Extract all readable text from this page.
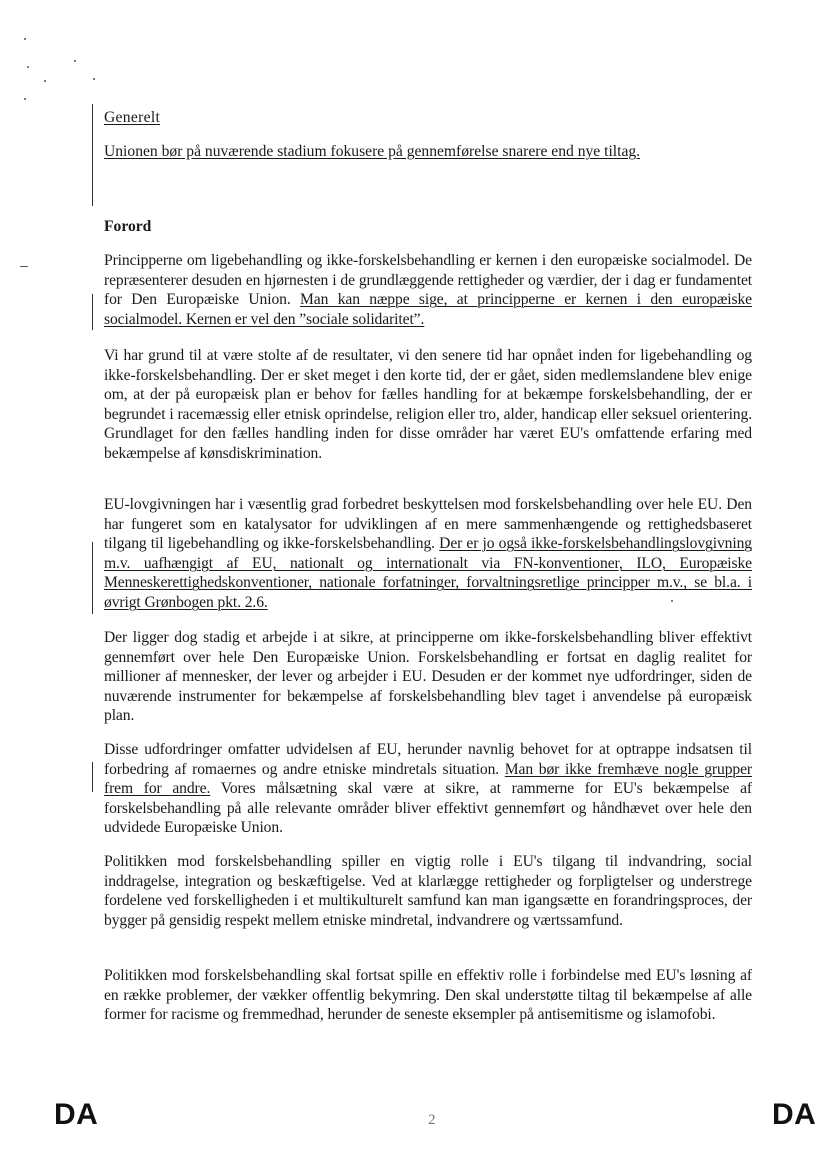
Generelt
Unionen bør på nuværende stadium fokusere på gennemførelse snarere end nye tiltag.
Forord

Principperne om ligebehandling og ikke-forskelsbehandling er kernen i den europæiske socialmodel. De repræsenterer desuden en hjørnesten i de grundlæggende rettigheder og værdier, der i dag er fundamentet for Den Europæiske Union. Man kan næppe sige, at principperne er kernen i den europæiske socialmodel. Kernen er vel den ”sociale solidaritet”.

Vi har grund til at være stolte af de resultater, vi den senere tid har opnået inden for ligebehandling og ikke-forskelsbehandling. Der er sket meget i den korte tid, der er gået, siden medlemslandene blev enige om, at der på europæisk plan er behov for fælles handling for at bekæmpe forskelsbehandling, der er begrundet i racemæssig eller etnisk oprindelse, religion eller tro, alder, handicap eller seksuel orientering. Grundlaget for den fælles handling inden for disse områder har været EU's omfattende erfaring med bekæmpelse af kønsdiskrimination.

EU-lovgivningen har i væsentlig grad forbedret beskyttelsen mod forskelsbehandling over hele EU. Den har fungeret som en katalysator for udviklingen af en mere sammenhængende og rettighedsbaseret tilgang til ligebehandling og ikke-forskelsbehandling. Der er jo også ikke-forskelsbehandlingslovgivning m.v. uafhængigt af EU, nationalt og internationalt via FN-konventioner, ILO, Europæiske Menneskerettighedskonventioner, nationale forfatninger, forvaltningsretlige principper m.v., se bl.a. i øvrigt Grønbogen pkt. 2.6.

Der ligger dog stadig et arbejde i at sikre, at principperne om ikke-forskelsbehandling bliver effektivt gennemført over hele Den Europæiske Union. Forskelsbehandling er fortsat en daglig realitet for millioner af mennesker, der lever og arbejder i EU. Desuden er der kommet nye udfordringer, siden de nuværende instrumenter for bekæmpelse af forskelsbehandling blev taget i anvendelse på europæisk plan.

Disse udfordringer omfatter udvidelsen af EU, herunder navnlig behovet for at optrappe indsatsen til forbedring af romaernes og andre etniske mindretals situation. Man bør ikke fremhæve nogle grupper frem for andre. Vores målsætning skal være at sikre, at rammerne for EU's bekæmpelse af forskelsbehandling på alle relevante områder bliver effektivt gennemført og håndhævet over hele den udvidede Europæiske Union.

Politikken mod forskelsbehandling spiller en vigtig rolle i EU's tilgang til indvandring, social inddragelse, integration og beskæftigelse. Ved at klarlægge rettigheder og forpligtelser og understrege fordelene ved forskelligheden i et multikulturelt samfund kan man igangsætte en forandringsproces, der bygger på gensidig respekt mellem etniske mindretal, indvandrere og værtssamfund.

Politikken mod forskelsbehandling skal fortsat spille en effektiv rolle i forbindelse med EU's løsning af en række problemer, der vækker offentlig bekymring. Den skal understøtte tiltag til bekæmpelse af alle former for racisme og fremmedhad, herunder de seneste eksempler på antisemitisme og islamofobi.

DA	2	DA
